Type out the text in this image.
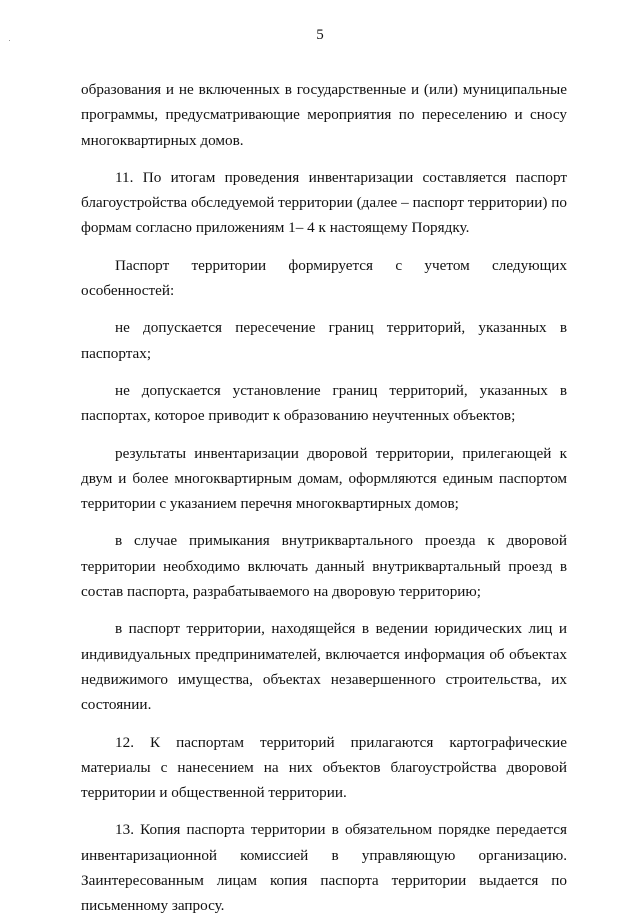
5

образования и не включенных в государственные и (или) муниципальные программы, предусматривающие мероприятия по переселению и сносу многоквартирных домов.

11. По итогам проведения инвентаризации составляется паспорт благоустройства обследуемой территории (далее – паспорт территории) по формам согласно приложениям 1– 4 к настоящему Порядку.

Паспорт территории формируется с учетом следующих особенностей:

не допускается пересечение границ территорий, указанных в паспортах;

не допускается установление границ территорий, указанных в паспортах, которое приводит к образованию неучтенных объектов;

результаты инвентаризации дворовой территории, прилегающей к двум и более многоквартирным домам, оформляются единым паспортом территории с указанием перечня многоквартирных домов;

в случае примыкания внутриквартального проезда к дворовой территории необходимо включать данный внутриквартальный проезд в состав паспорта, разрабатываемого на дворовую территорию;

в паспорт территории, находящейся в ведении юридических лиц и индивидуальных предпринимателей, включается информация об объектах недвижимого имущества, объектах незавершенного строительства, их состоянии.

12. К паспортам территорий прилагаются картографические материалы с нанесением на них объектов благоустройства дворовой территории и общественной территории.

13. Копия паспорта территории в обязательном порядке передается инвентаризационной комиссией в управляющую организацию. Заинтересованным лицам копия паспорта территории выдается по письменному запросу.
